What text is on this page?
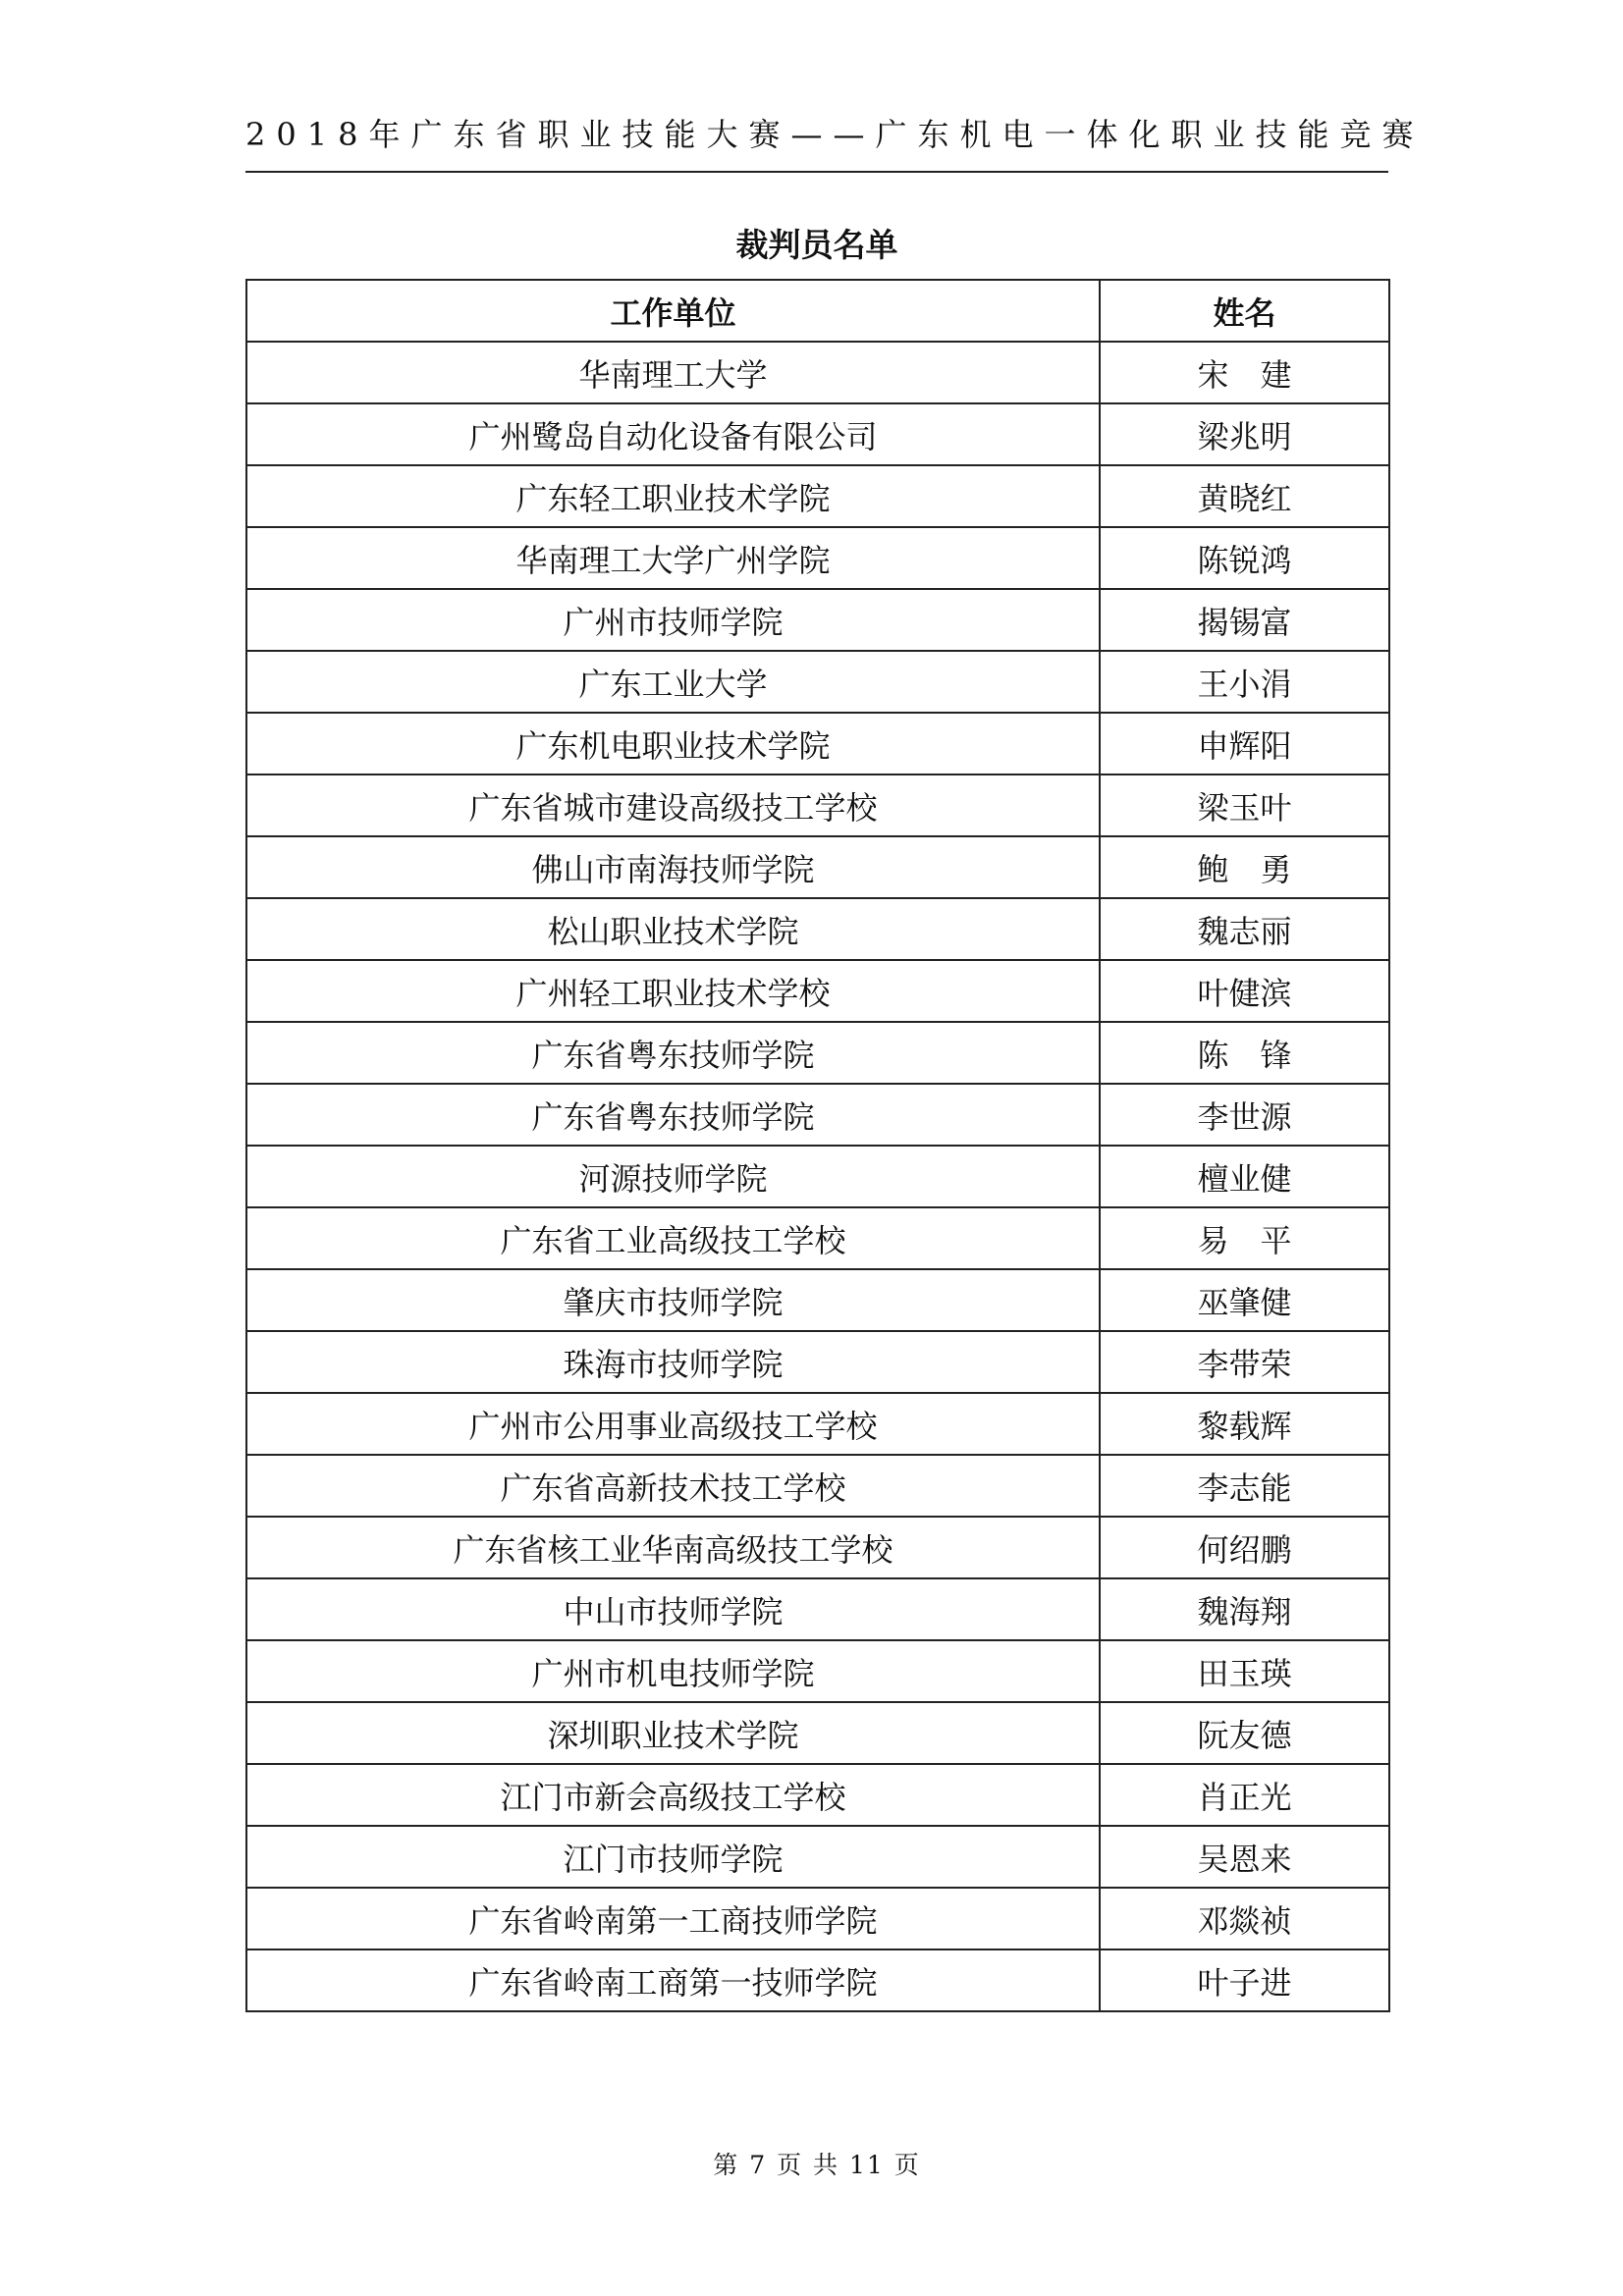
2018年广东省职业技能大赛——广东机电一体化职业技能竞赛
裁判员名单
工作单位	姓名
华南理工大学	宋　建
广州鹭岛自动化设备有限公司	梁兆明
广东轻工职业技术学院	黄晓红
华南理工大学广州学院	陈锐鸿
广州市技师学院	揭锡富
广东工业大学	王小涓
广东机电职业技术学院	申辉阳
广东省城市建设高级技工学校	梁玉叶
佛山市南海技师学院	鲍　勇
松山职业技术学院	魏志丽
广州轻工职业技术学校	叶健滨
广东省粤东技师学院	陈　锋
广东省粤东技师学院	李世源
河源技师学院	檀业健
广东省工业高级技工学校	易　平
肇庆市技师学院	巫肇健
珠海市技师学院	李带荣
广州市公用事业高级技工学校	黎载辉
广东省高新技术技工学校	李志能
广东省核工业华南高级技工学校	何绍鹏
中山市技师学院	魏海翔
广州市机电技师学院	田玉瑛
深圳职业技术学院	阮友德
江门市新会高级技工学校	肖正光
江门市技师学院	吴恩来
广东省岭南第一工商技师学院	邓燚祯
广东省岭南工商第一技师学院	叶子进
第 7 页 共 11 页
